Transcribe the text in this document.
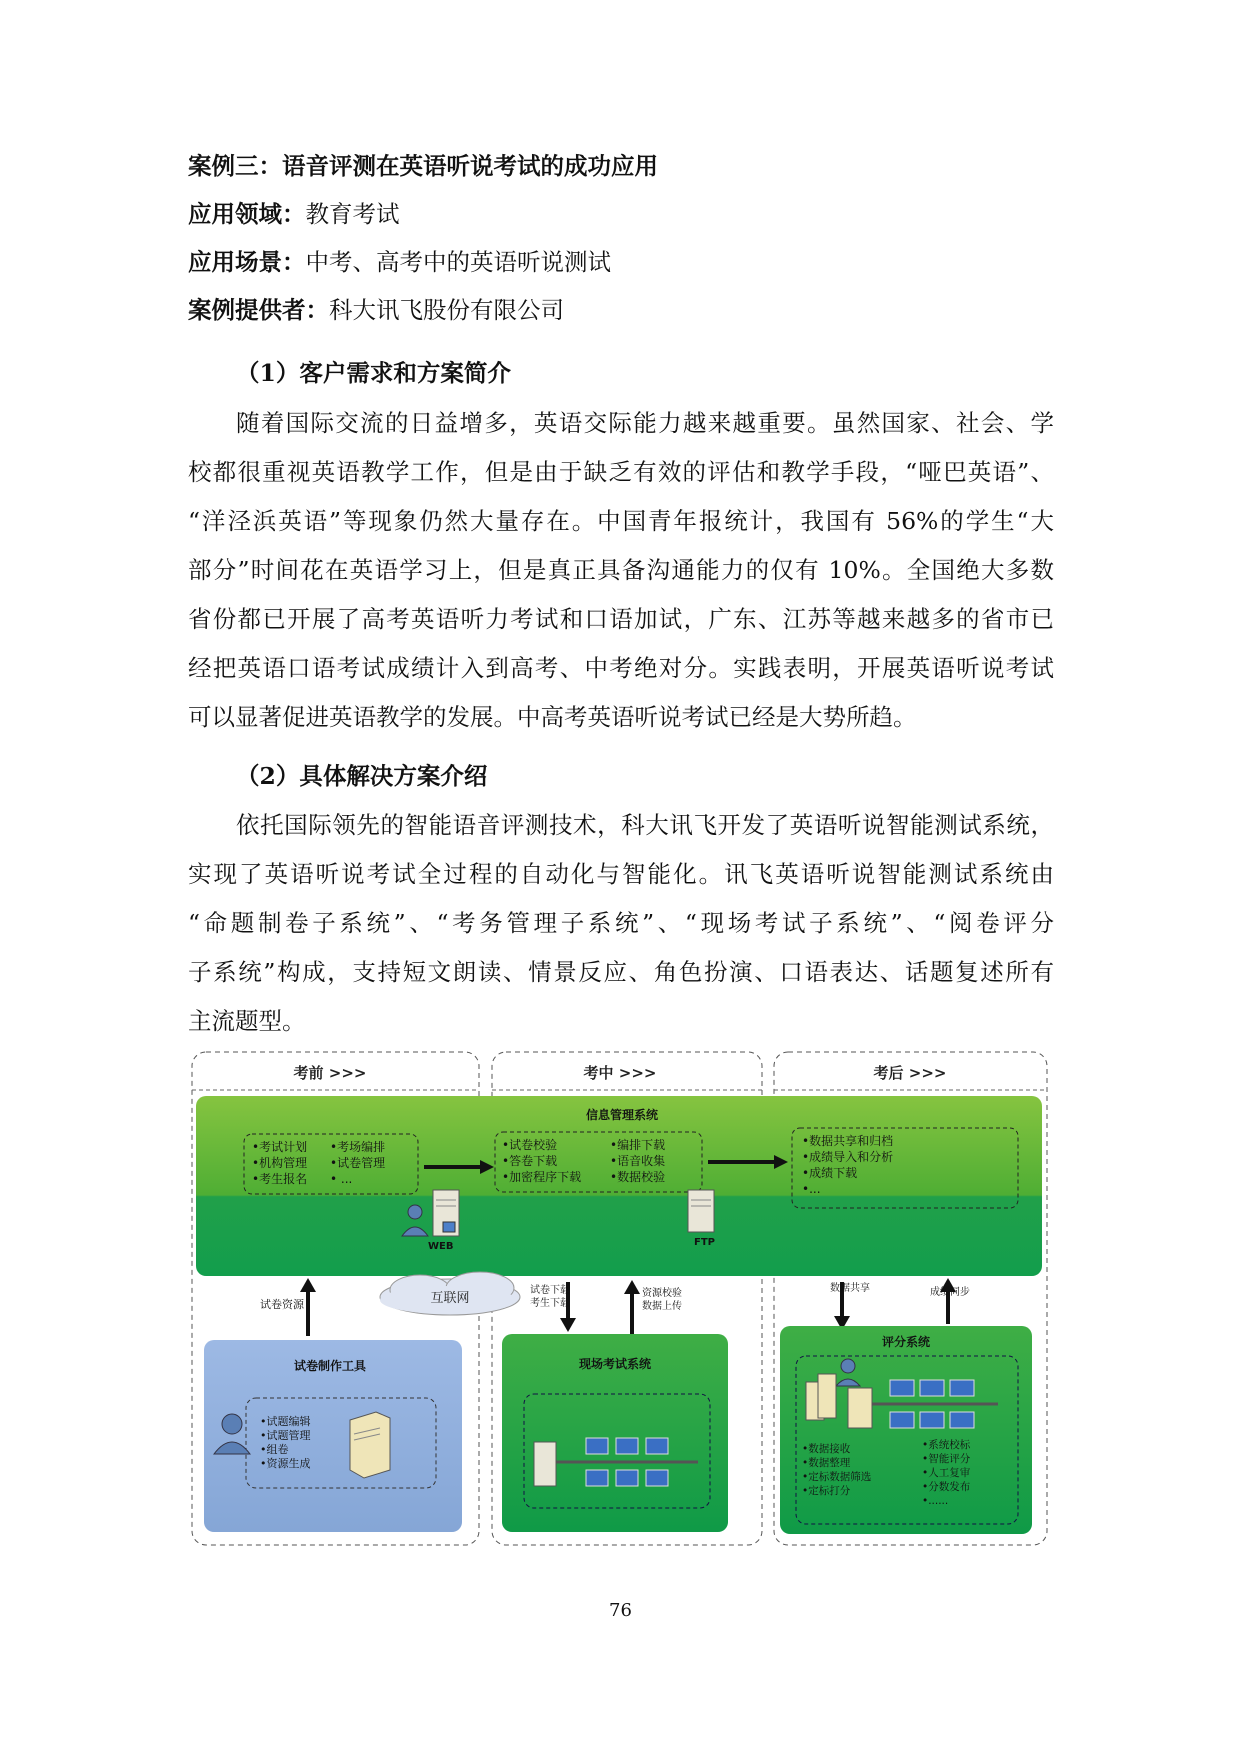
案例三：语音评测在英语听说考试的成功应用
应用领域：教育考试
应用场景：中考、高考中的英语听说测试
案例提供者：科大讯飞股份有限公司
（1）客户需求和方案简介
随着国际交流的日益增多，英语交际能力越来越重要。虽然国家、社会、学
校都很重视英语教学工作，但是由于缺乏有效的评估和教学手段，“哑巴英语”、
“洋泾浜英语”等现象仍然大量存在。中国青年报统计，我国有 56%的学生“大
部分”时间花在英语学习上，但是真正具备沟通能力的仅有 10%。全国绝大多数
省份都已开展了高考英语听力考试和口语加试，广东、江苏等越来越多的省市已
经把英语口语考试成绩计入到高考、中考绝对分。实践表明，开展英语听说考试
可以显著促进英语教学的发展。中高考英语听说考试已经是大势所趋。
（2）具体解决方案介绍
依托国际领先的智能语音评测技术，科大讯飞开发了英语听说智能测试系统，
实现了英语听说考试全过程的自动化与智能化。讯飞英语听说智能测试系统由
“命题制卷子系统”、“考务管理子系统”、“现场考试子系统”、“阅卷评分
子系统”构成，支持短文朗读、情景反应、角色扮演、口语表达、话题复述所有
主流题型。
考前 >>>	考中 >>>	考后 >>>
信息管理系统
•考试计划
•机构管理
•考生报名
•考场编排
•试卷管理
• ...
•试卷校验
•答卷下载
•加密程序下载
•编排下载
•语音收集
•数据校验
•数据共享和归档
•成绩导入和分析
•成绩下载
•...
WEB	FTP
互联网
试卷资源
试卷下载
考生下载
资源校验
数据上传
数据共享	成绩同步
试卷制作工具
•试题编辑
•试题管理
•组卷
•资源生成
现场考试系统
评分系统
•数据接收
•数据整理
•定标数据筛选
•定标打分
•系统校标
•智能评分
•人工复审
•分数发布
•......
76
